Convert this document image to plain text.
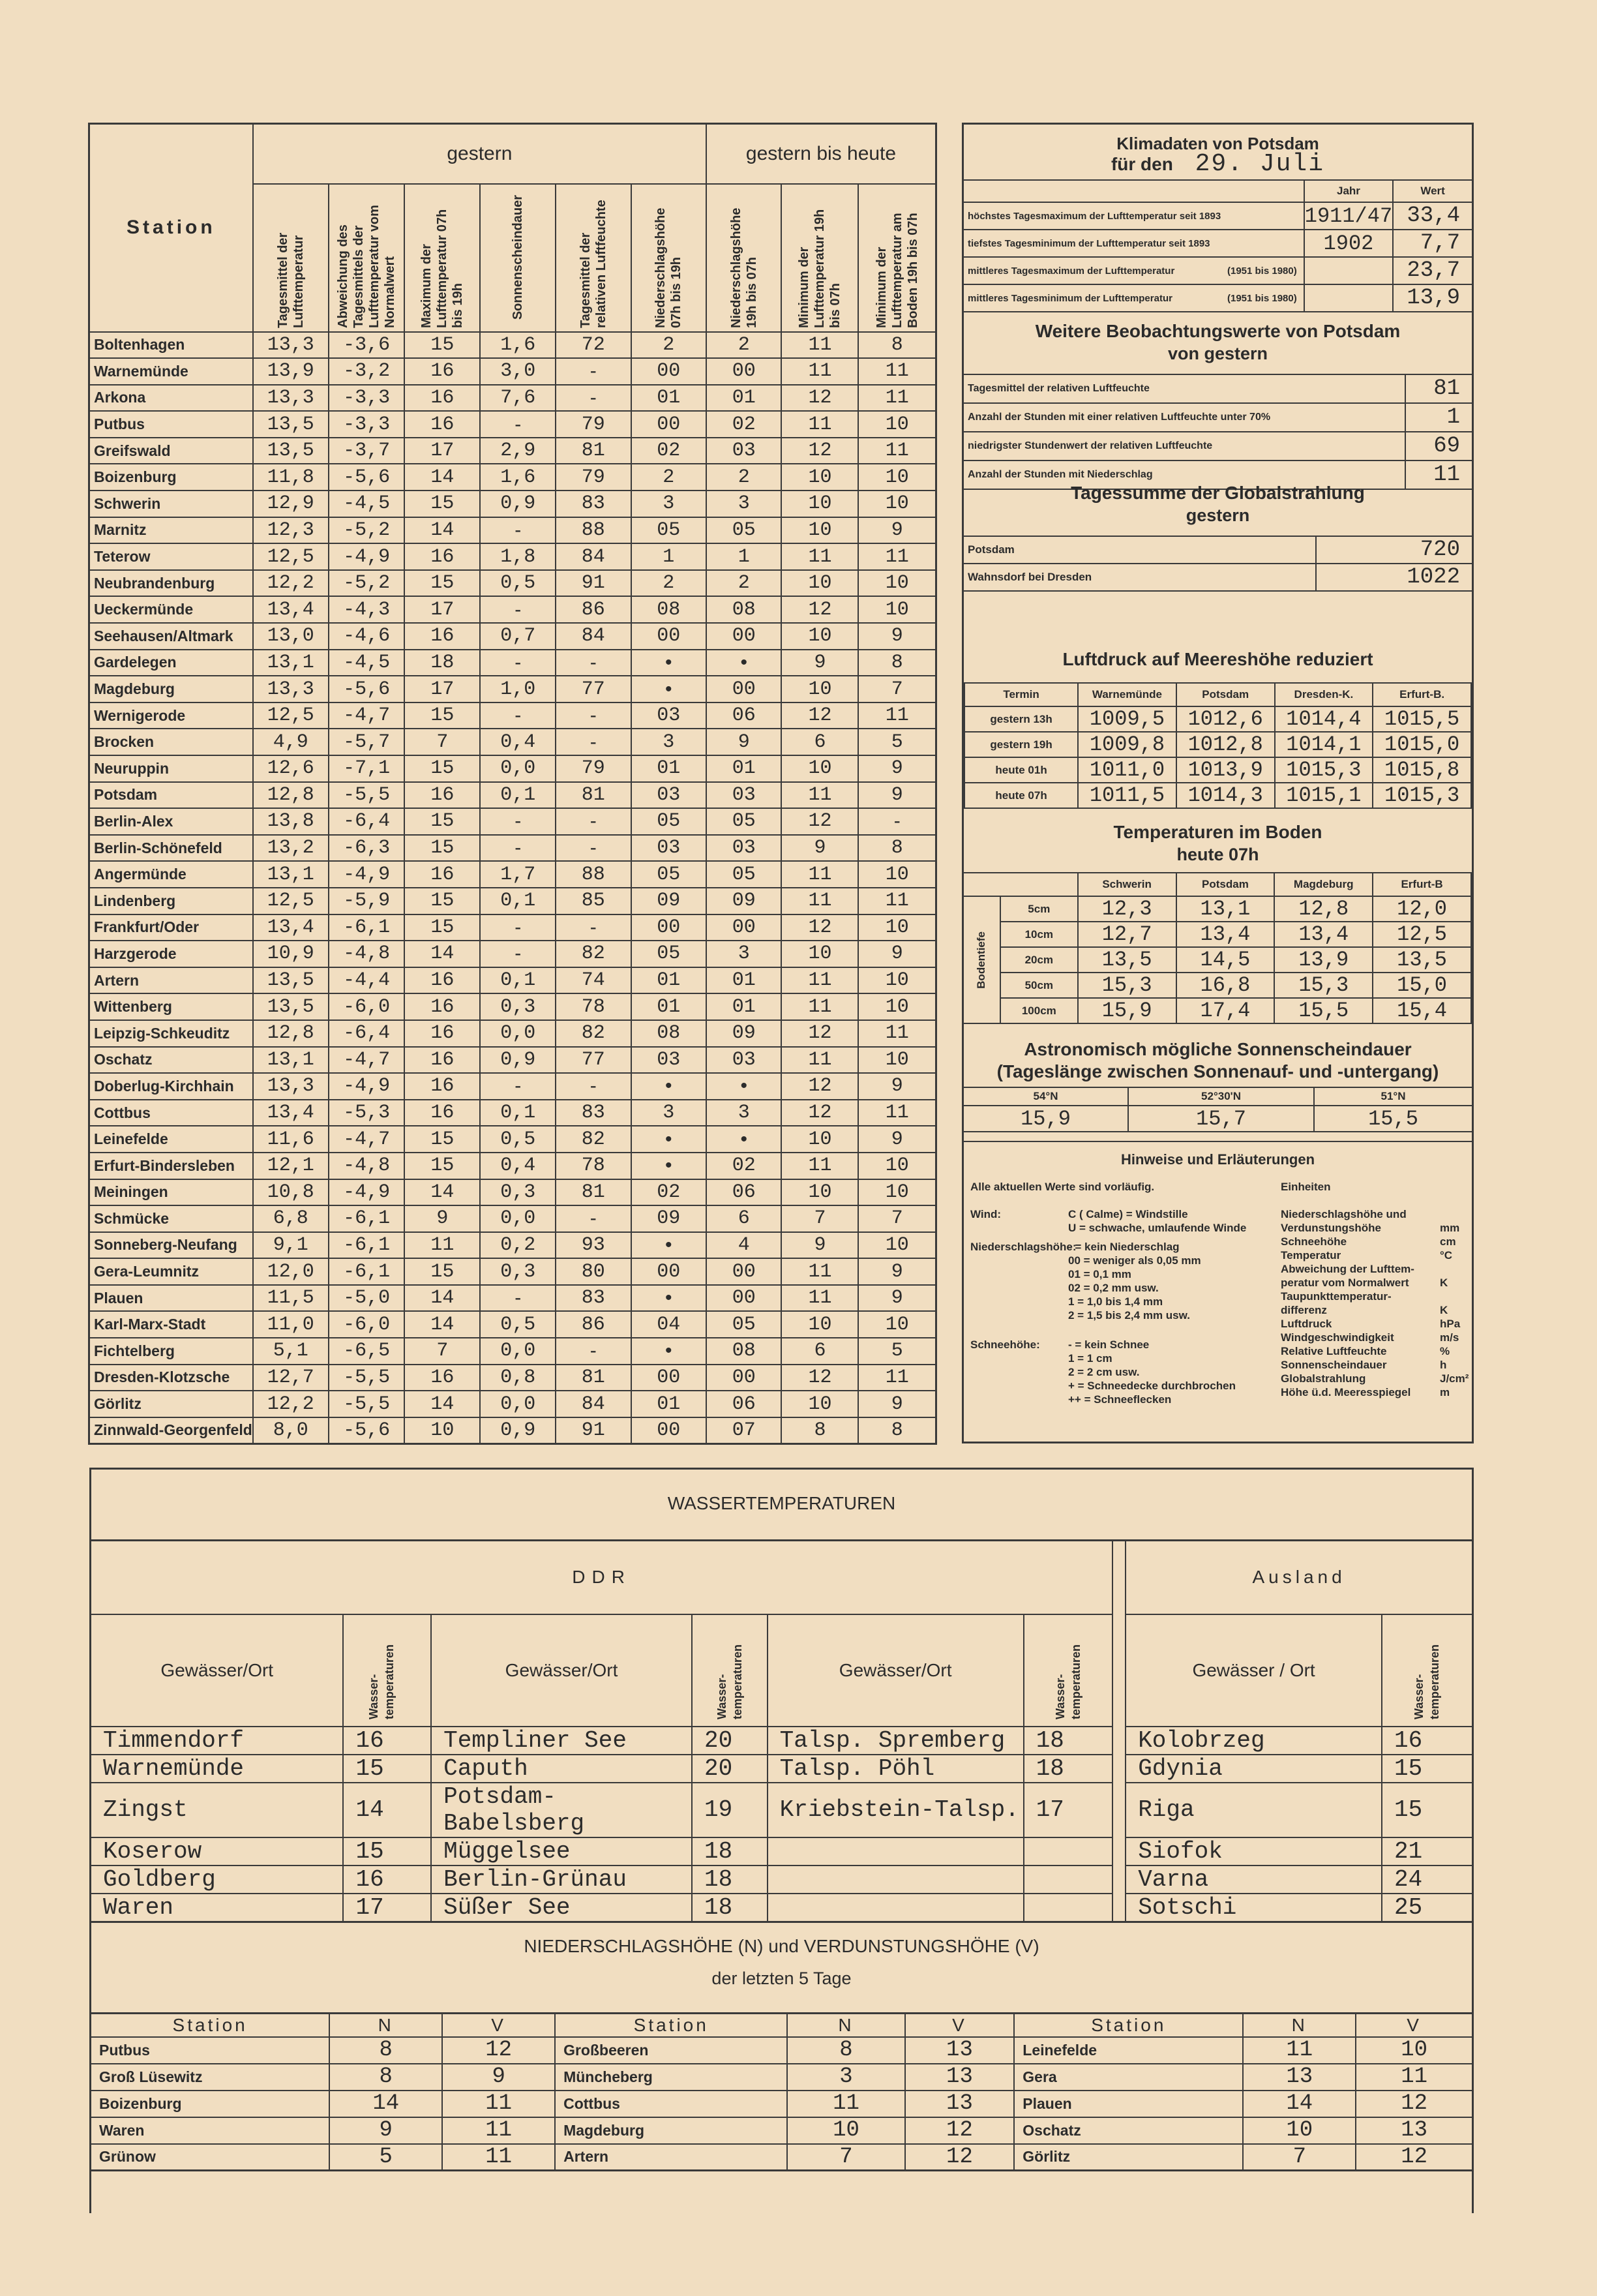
Station	gestern						gestern bis heute		

	Tagesmittel der Lufttemperatur	Abweichung des Tagesmittels der Lufttemperatur vom Normalwert	Maximum der Lufttemperatur 07h bis 19h	Sonnenscheindauer	Tagesmittel der relativen Luftfeuchte	Niederschlagshöhe 07h bis 19h	Niederschlagshöhe 19h bis 07h	Minimum der Lufttemperatur 19h bis 07h	Minimum der Lufttemperatur am Boden 19h bis 07h

Boltenhagen	13,3	-3,6	15	1,6	72	2	2	11	8
Warnemünde	13,9	-3,2	16	3,0	-	00	00	11	11
Arkona	13,3	-3,3	16	7,6	-	01	01	12	11
Putbus	13,5	-3,3	16	-	79	00	02	11	10
Greifswald	13,5	-3,7	17	2,9	81	02	03	12	11
Boizenburg	11,8	-5,6	14	1,6	79	2	2	10	10
Schwerin	12,9	-4,5	15	0,9	83	3	3	10	10
Marnitz	12,3	-5,2	14	-	88	05	05	10	9
Teterow	12,5	-4,9	16	1,8	84	1	1	11	11
Neubrandenburg	12,2	-5,2	15	0,5	91	2	2	10	10
Ueckermünde	13,4	-4,3	17	-	86	08	08	12	10
Seehausen/Altmark	13,0	-4,6	16	0,7	84	00	00	10	9
Gardelegen	13,1	-4,5	18	-	-	•	•	9	8
Magdeburg	13,3	-5,6	17	1,0	77	•	00	10	7
Wernigerode	12,5	-4,7	15	-	-	03	06	12	11
Brocken	4,9	-5,7	7	0,4	-	3	9	6	5
Neuruppin	12,6	-7,1	15	0,0	79	01	01	10	9
Potsdam	12,8	-5,5	16	0,1	81	03	03	11	9
Berlin-Alex	13,8	-6,4	15	-	-	05	05	12	-
Berlin-Schönefeld	13,2	-6,3	15	-	-	03	03	9	8
Angermünde	13,1	-4,9	16	1,7	88	05	05	11	10
Lindenberg	12,5	-5,9	15	0,1	85	09	09	11	11
Frankfurt/Oder	13,4	-6,1	15	-	-	00	00	12	10
Harzgerode	10,9	-4,8	14	-	82	05	3	10	9
Artern	13,5	-4,4	16	0,1	74	01	01	11	10
Wittenberg	13,5	-6,0	16	0,3	78	01	01	11	10
Leipzig-Schkeuditz	12,8	-6,4	16	0,0	82	08	09	12	11
Oschatz	13,1	-4,7	16	0,9	77	03	03	11	10
Doberlug-Kirchhain	13,3	-4,9	16	-	-	•	•	12	9
Cottbus	13,4	-5,3	16	0,1	83	3	3	12	11
Leinefelde	11,6	-4,7	15	0,5	82	•	•	10	9
Erfurt-Bindersleben	12,1	-4,8	15	0,4	78	•	02	11	10
Meiningen	10,8	-4,9	14	0,3	81	02	06	10	10
Schmücke	6,8	-6,1	9	0,0	-	09	6	7	7
Sonneberg-Neufang	9,1	-6,1	11	0,2	93	•	4	9	10
Gera-Leumnitz	12,0	-6,1	15	0,3	80	00	00	11	9
Plauen	11,5	-5,0	14	-	83	•	00	11	9
Karl-Marx-Stadt	11,0	-6,0	14	0,5	86	04	05	10	10
Fichtelberg	5,1	-6,5	7	0,0	-	•	08	6	5
Dresden-Klotzsche	12,7	-5,5	16	0,8	81	00	00	12	11
Görlitz	12,2	-5,5	14	0,0	84	01	06	10	9
Zinnwald-Georgenfeld	8,0	-5,6	10	0,9	91	00	07	8	8
Klimadaten von Potsdam
für den 29. Juli
	Jahr	Wert
höchstes Tagesmaximum der Lufttemperatur seit 1893	1911/47	33,4
tiefstes Tagesminimum der Lufttemperatur seit 1893	1902	7,7
mittleres Tagesmaximum der Lufttemperatur (1951 bis 1980)		23,7
mittleres Tagesminimum der Lufttemperatur (1951 bis 1980)		13,9
Weitere Beobachtungswerte von Potsdam
von gestern
Tagesmittel der relativen Luftfeuchte	81
Anzahl der Stunden mit einer relativen Luftfeuchte unter 70%	1
niedrigster Stundenwert der relativen Luftfeuchte	69
Anzahl der Stunden mit Niederschlag	11
Tagessumme der Globalstrahlung
gestern
Potsdam	720
Wahnsdorf bei Dresden	1022
Luftdruck auf Meereshöhe reduziert
Termin	Warnemünde	Potsdam	Dresden-K.	Erfurt-B.
gestern 13h	1009,5	1012,6	1014,4	1015,5
gestern 19h	1009,8	1012,8	1014,1	1015,0
heute 01h	1011,0	1013,9	1015,3	1015,8
heute 07h	1011,5	1014,3	1015,1	1015,3
Temperaturen im Boden
heute 07h
		Schwerin	Potsdam	Magdeburg	Erfurt-B

Bodentiefe	5cm	12,3	13,1	12,8	12,0
	10cm	12,7	13,4	13,4	12,5
	20cm	13,5	14,5	13,9	13,5
	50cm	15,3	16,8	15,3	15,0
	100cm	15,9	17,4	15,5	15,4
Astronomisch mögliche Sonnenscheindauer
(Tageslänge zwischen Sonnenauf- und -untergang)
54°N	52°30'N	51°N
15,9	15,7	15,5
Hinweise und Erläuterungen
Alle aktuellen Werte sind vorläufig.	Einheiten
Wind:	C ( Calme) = Windstille
U = schwache, umlaufende Winde
Niederschlagshöhe:
- = kein Niederschlag
00 = weniger als 0,05 mm
01 = 0,1 mm
02 = 0,2 mm usw.
1 = 1,0 bis 1,4 mm
2 = 1,5 bis 2,4 mm usw.
Schneehöhe:	- = kein Schnee
1 = 1 cm
2 = 2 cm usw.
+ = Schneedecke durchbrochen
++ = Schneeflecken
Niederschlagshöhe und
Verdunstungshöhe	mm
Schneehöhe	cm
Temperatur	°C
Abweichung der Lufttem-
peratur vom Normalwert	K
Taupunkttemperatur-
differenz	K
Luftdruck	hPa
Windgeschwindigkeit	m/s
Relative Luftfeuchte	%
Sonnenscheindauer	h
Globalstrahlung	J/cm²
Höhe ü.d. Meeresspiegel	m
WASSERTEMPERATUREN
DDR								Ausland	
Gewässer/Ort	Wasser-temperaturen		Gewässer/Ort	Wasser-temperaturen	Gewässer/Ort	Wasser-temperaturen		Gewässer / Ort	Wasser-temperaturen

Timmendorf	16		Templiner See	20	Talsp. Spremberg	18		Kolobrzeg	16
Warnemünde	15		Caputh	20	Talsp. Pöhl	18		Gdynia	15
Zingst	14		Potsdam-Babelsberg	19	Kriebstein-Talsp.	17		Riga	15
Koserow	15		Müggelsee	18				Siofok	21
Goldberg	16		Berlin-Grünau	18				Varna	24
Waren	17		Süßer See	18				Sotschi	25
NIEDERSCHLAGSHÖHE (N) und VERDUNSTUNGSHÖHE (V)
der letzten 5 Tage
Station	N	V	Station	N	V	Station	N	V
Putbus	8	12	Großbeeren	8	13	Leinefelde	11	10
Groß Lüsewitz	8	9	Müncheberg	3	13	Gera	13	11
Boizenburg	14	11	Cottbus	11	13	Plauen	14	12
Waren	9	11	Magdeburg	10	12	Oschatz	10	13
Grünow	5	11	Artern	7	12	Görlitz	7	12
